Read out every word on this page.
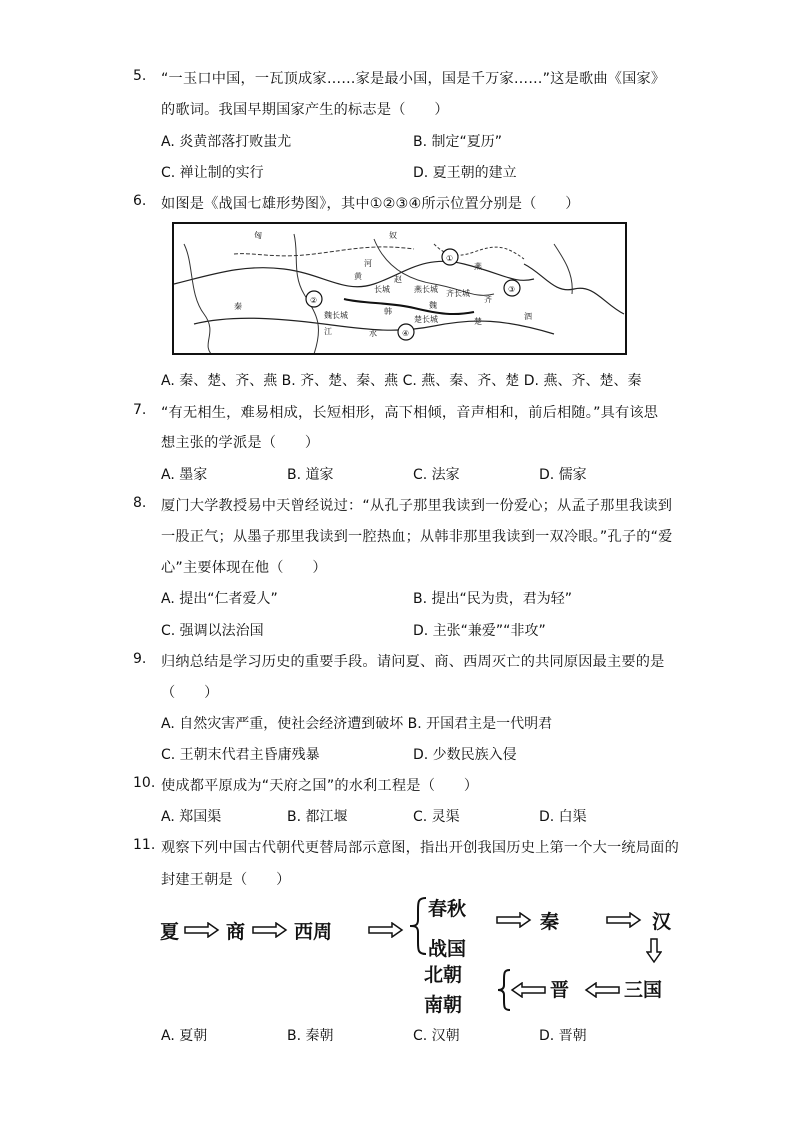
5. “一玉口中国，一瓦顶成家……家是最小国，国是千万家……”这是歌曲《国家》
的歌词。我国早期国家产生的标志是（　　）
A. 炎黄部落打败蚩尤	B. 制定“夏历”
C. 禅让制的实行	D. 夏王朝的建立
6. 如图是《战国七雄形势图》，其中①②③④所示位置分别是（　　）
①
②
③
④
匈	奴
赵
长城
燕
齐
魏
韩
秦
楚
江	水
黄
河
泗
燕长城 齐长城
魏长城	楚长城
A. 秦、楚、齐、燕 B. 齐、楚、秦、燕 C. 燕、秦、齐、楚 D. 燕、齐、楚、秦
7. “有无相生，难易相成，长短相形，高下相倾，音声相和，前后相随。”具有该思
想主张的学派是（　　）
A. 墨家	B. 道家	C. 法家	D. 儒家
8. 厦门大学教授易中天曾经说过：“从孔子那里我读到一份爱心；从孟子那里我读到
一股正气；从墨子那里我读到一腔热血；从韩非那里我读到一双冷眼。”孔子的“爱
心”主要体现在他（　　）
A. 提出“仁者爱人”	B. 提出“民为贵，君为轻”
C. 强调以法治国	D. 主张“兼爱”“非攻”
9. 归纳总结是学习历史的重要手段。请问夏、商、西周灭亡的共同原因最主要的是
（　　）
A. 自然灾害严重，使社会经济遭到破坏 B. 开国君主是一代明君
C. 王朝末代君主昏庸残暴	D. 少数民族入侵
10. 使成都平原成为“天府之国”的水利工程是（　　）
A. 郑国渠	B. 都江堰	C. 灵渠	D. 白渠
11. 观察下列中国古代朝代更替局部示意图，指出开创我国历史上第一个大一统局面的
封建王朝是（　　）
夏 商	西周
春秋
战国
秦	汉
北朝
南朝
晋	三国
A. 夏朝	B. 秦朝	C. 汉朝	D. 晋朝
